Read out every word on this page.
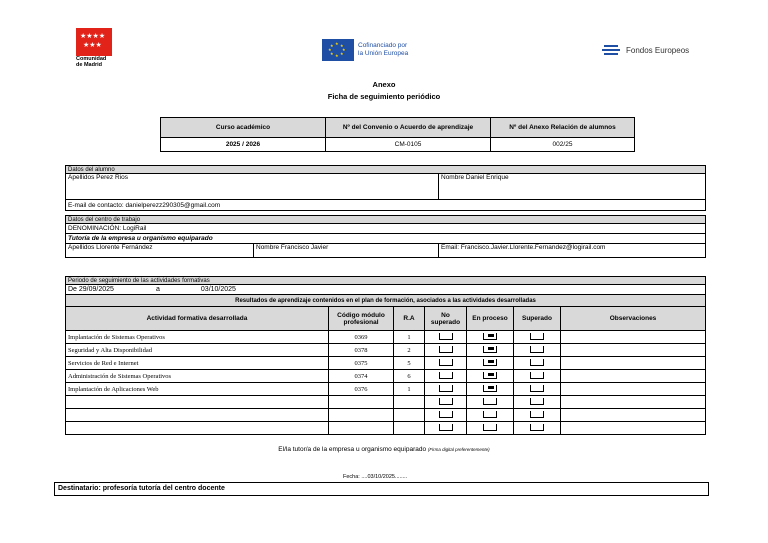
★★★★
★★★
Comunidad de Madrid
★
★ ★
★	★
★ ★
★
Cofinanciado por
la Unión Europea	Fondos Europeos
Anexo
Ficha de seguimiento periódico
Curso académico	Nº del Convenio o Acuerdo de aprendizaje	Nº del Anexo Relación de alumnos
2025 / 2026	CM-0105	002/25
Datos del alumno	
Apellidos Perez Rios	Nombre Daniel Enrique

E-mail de contacto: danielperezz290305@gmail.com	
Datos del centro de trabajo
DENOMINACIÓN: LogiRail
Tutoría de la empresa u organismo equiparado
Apellidos Llorente Fernández	Nombre Francisco Javier	Email: Francisco.Javier.Llorente.Fernandez@logirail.com
Periodo de seguimiento de las actividades formativas						
De 29/09/2025 a 03/10/2025						
Resultados de aprendizaje contenidos en el plan de formación, asociados a las actividades desarrolladas						
Actividad formativa desarrollada	Código módulo profesional	R.A	No superado	En proceso	Superado	Observaciones
Implantación de Sistemas Operativos	0369	1				
Seguridad y Alta Disponibilidad	0378	2				
Servicios de Red e Internet	0375	5				
Administración de Sistemas Operativos	0374	6				
Implantación de Aplicaciones Web	0376	1				

El/la tutor/a de la empresa u organismo equiparado (Firma digital preferentemente)
Fecha: ....03/10/2025........
Destinatario: profesoría tutoría del centro docente
